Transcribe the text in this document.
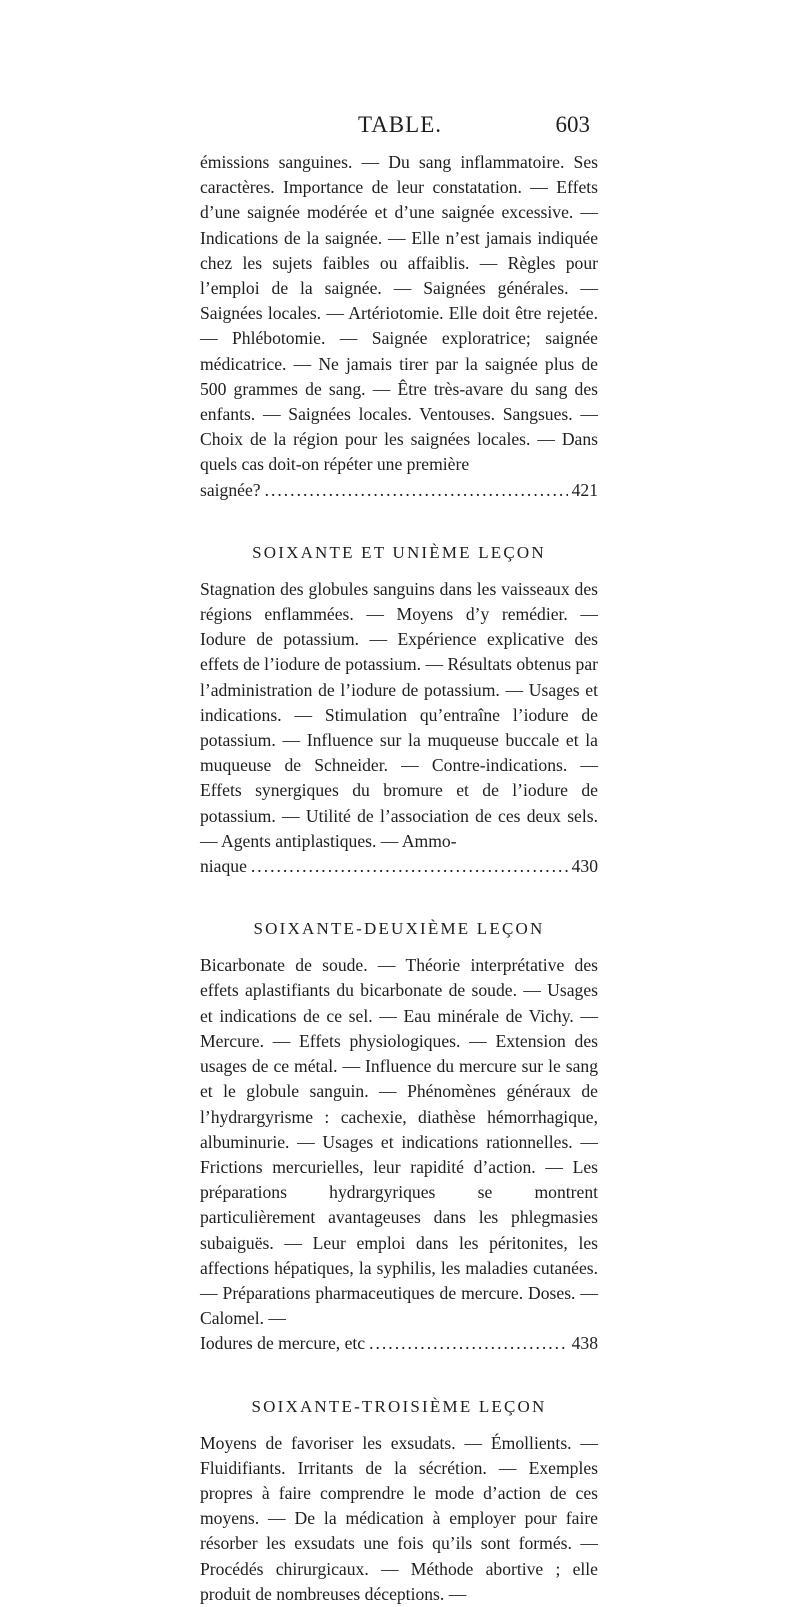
TABLE.	603

émissions sanguines. — Du sang inflammatoire. Ses caractères. Importance de leur constatation. — Effets d’une saignée modérée et d’une saignée excessive. — Indications de la saignée. — Elle n’est jamais indiquée chez les sujets faibles ou affaiblis. — Règles pour l’emploi de la saignée. — Saignées générales. — Saignées locales. — Artériotomie. Elle doit être rejetée. — Phlébotomie. — Saignée exploratrice; saignée médicatrice. — Ne jamais tirer par la saignée plus de 500 grammes de sang. — Être très-avare du sang des enfants. — Saignées locales. Ventouses. Sangsues. — Choix de la région pour les saignées locales. — Dans quels cas doit-on répéter une première

saignée? .....	421
SOIXANTE ET UNIÈME LEÇON

Stagnation des globules sanguins dans les vaisseaux des régions enflammées. — Moyens d’y remédier. — Iodure de potassium. — Expérience explicative des effets de l’iodure de potassium. — Résultats obtenus par l’administration de l’iodure de potassium. — Usages et indications. — Stimulation qu’entraîne l’iodure de potassium. — Influence sur la muqueuse buccale et la muqueuse de Schneider. — Contre-indications. — Effets synergiques du bromure et de l’iodure de potassium. — Utilité de l’association de ces deux sels. — Agents antiplastiques. — Ammo-

niaque .....	430
SOIXANTE-DEUXIÈME LEÇON

Bicarbonate de soude. — Théorie interprétative des effets aplastifiants du bicarbonate de soude. — Usages et indications de ce sel. — Eau minérale de Vichy. — Mercure. — Effets physiologiques. — Extension des usages de ce métal. — Influence du mercure sur le sang et le globule sanguin. — Phénomènes généraux de l’hydrargyrisme : cachexie, diathèse hémorrhagique, albuminurie. — Usages et indications rationnelles. — Frictions mercurielles, leur rapidité d’action. — Les préparations hydrargyriques se montrent particulièrement avantageuses dans les phlegmasies subaiguës. — Leur emploi dans les péritonites, les affections hépatiques, la syphilis, les maladies cutanées. — Préparations pharmaceutiques de mercure. Doses. — Calomel. —

Iodures de mercure, etc .....	438
SOIXANTE-TROISIÈME LEÇON

Moyens de favoriser les exsudats. — Émollients. — Fluidifiants. Irritants de la sécrétion. — Exemples propres à faire comprendre le mode d’action de ces moyens. — De la médication à employer pour faire résorber les exsudats une fois qu’ils sont formés. — Procédés chirurgicaux. — Méthode abortive ; elle produit de nombreuses déceptions. —
